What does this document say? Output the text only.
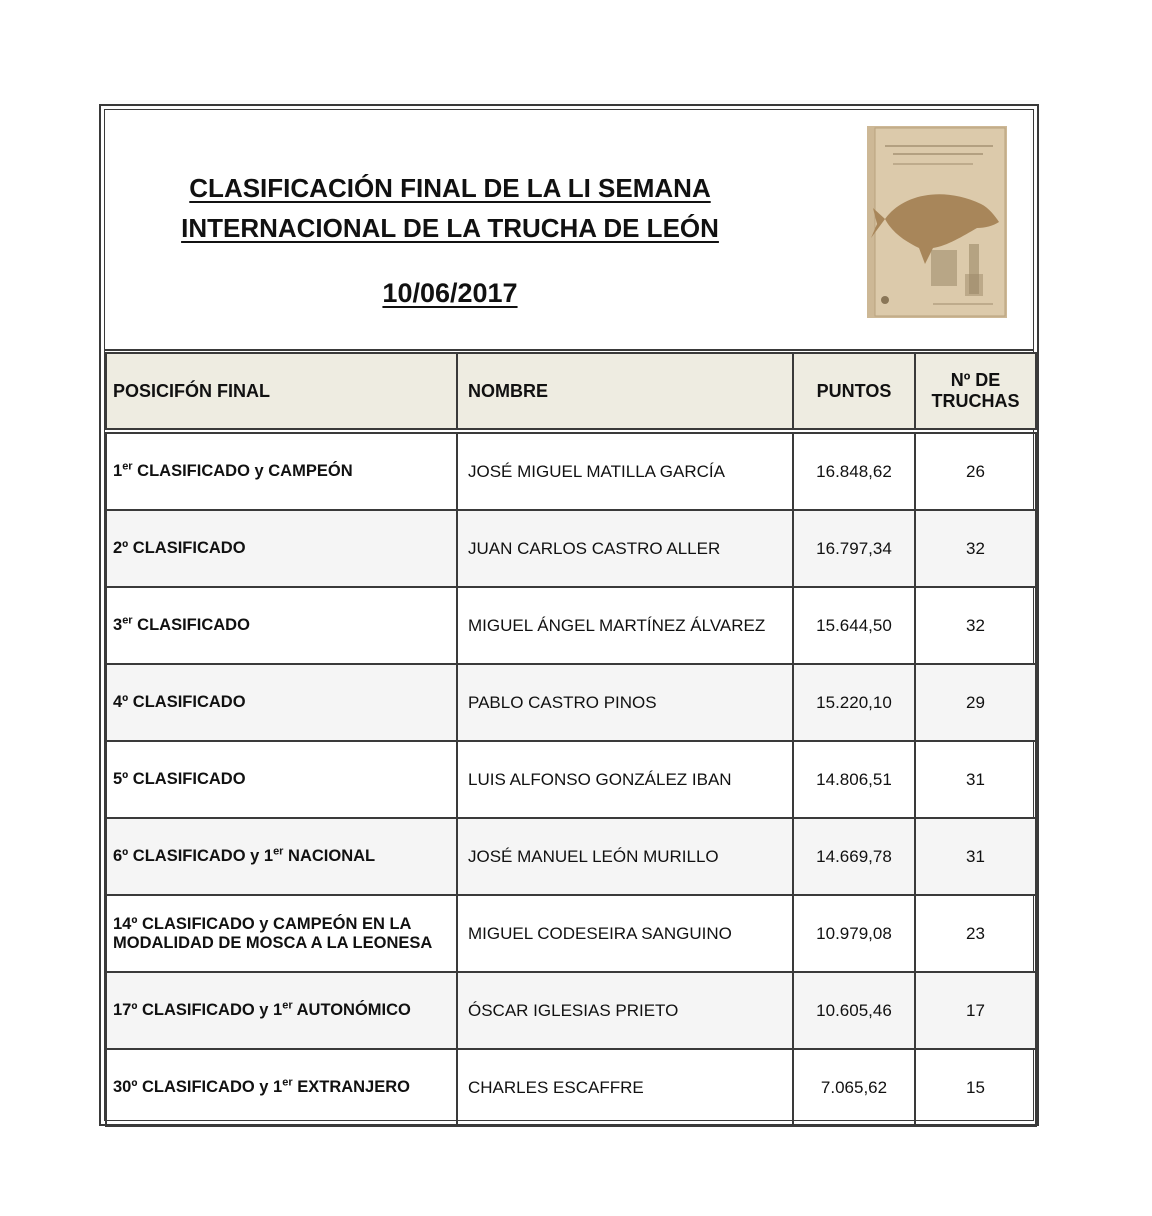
CLASIFICACIÓN FINAL DE LA LI SEMANA
INTERNACIONAL DE LA TRUCHA DE LEÓN
10/06/2017
POSICIFÓN FINAL	NOMBRE	PUNTOS	Nº DE TRUCHAS

1er CLASIFICADO y CAMPEÓN	JOSÉ MIGUEL MATILLA GARCÍA	16.848,62	26
2º CLASIFICADO	JUAN CARLOS CASTRO ALLER	16.797,34	32
3er CLASIFICADO	MIGUEL ÁNGEL MARTÍNEZ ÁLVAREZ	15.644,50	32
4º CLASIFICADO	PABLO CASTRO PINOS	15.220,10	29
5º CLASIFICADO	LUIS ALFONSO GONZÁLEZ IBAN	14.806,51	31
6º CLASIFICADO y 1er NACIONAL	JOSÉ MANUEL LEÓN MURILLO	14.669,78	31
14º CLASIFICADO y CAMPEÓN EN LA MODALIDAD DE MOSCA A LA LEONESA	MIGUEL CODESEIRA SANGUINO	10.979,08	23
17º CLASIFICADO y 1er AUTONÓMICO	ÓSCAR IGLESIAS PRIETO	10.605,46	17
30º CLASIFICADO y 1er EXTRANJERO	CHARLES ESCAFFRE	7.065,62	15
